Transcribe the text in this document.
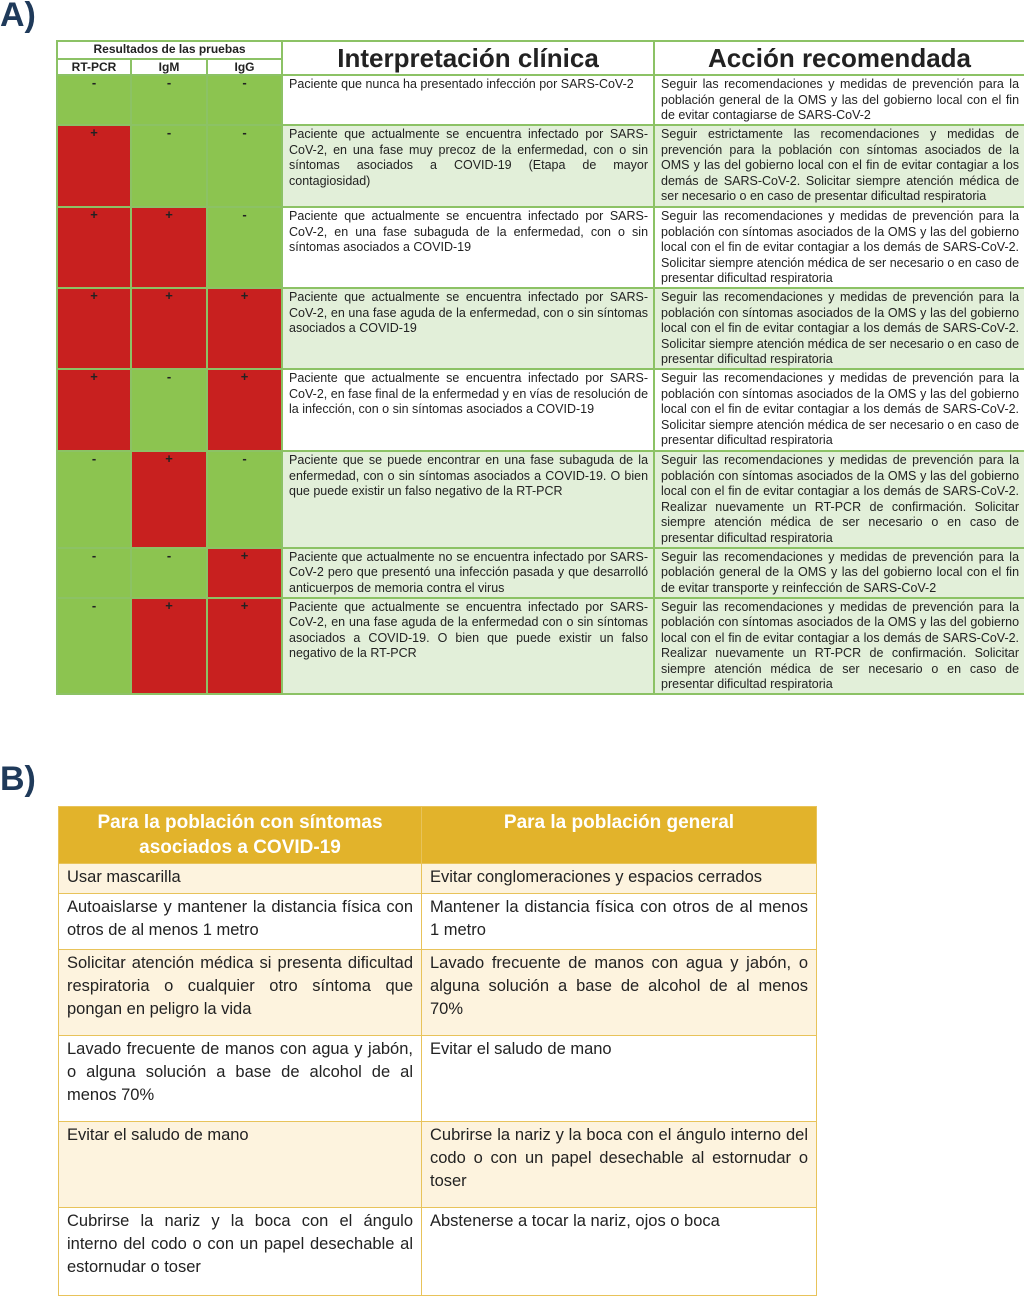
A)
Resultados de las pruebas			Interpretación clínica	Acción recomendada
RT-PCR	IgM	IgG		
-	-	-	Paciente que nunca ha presentado infección por SARS-CoV-2	Seguir las recomendaciones y medidas de prevención para la población general de la OMS y las del gobierno local con el fin de evitar contagiarse de SARS-CoV-2
+	-	-	Paciente que actualmente se encuentra infectado por SARS-CoV-2, en una fase muy precoz de la enfermedad, con o sin síntomas asociados a COVID-19 (Etapa de mayor contagiosidad)	Seguir estrictamente las recomendaciones y medidas de prevención para la población con síntomas asociados de la OMS y las del gobierno local con el fin de evitar contagiar a los demás de SARS-CoV-2. Solicitar siempre atención médica de ser necesario o en caso de presentar dificultad respiratoria
+	+	-	Paciente que actualmente se encuentra infectado por SARS-CoV-2, en una fase subaguda de la enfermedad, con o sin síntomas asociados a COVID-19	Seguir las recomendaciones y medidas de prevención para la población con síntomas asociados de la OMS y las del gobierno local con el fin de evitar contagiar a los demás de SARS-CoV-2. Solicitar siempre atención médica de ser necesario o en caso de presentar dificultad respiratoria
+	+	+	Paciente que actualmente se encuentra infectado por SARS-CoV-2, en una fase aguda de la enfermedad, con o sin síntomas asociados a COVID-19	Seguir las recomendaciones y medidas de prevención para la población con síntomas asociados de la OMS y las del gobierno local con el fin de evitar contagiar a los demás de SARS-CoV-2. Solicitar siempre atención médica de ser necesario o en caso de presentar dificultad respiratoria
+	-	+	Paciente que actualmente se encuentra infectado por SARS-CoV-2, en fase final de la enfermedad y en vías de resolución de la infección, con o sin síntomas asociados a COVID-19	Seguir las recomendaciones y medidas de prevención para la población con síntomas asociados de la OMS y las del gobierno local con el fin de evitar contagiar a los demás de SARS-CoV-2. Solicitar siempre atención médica de ser necesario o en caso de presentar dificultad respiratoria
-	+	-	Paciente que se puede encontrar en una fase subaguda de la enfermedad, con o sin síntomas asociados a COVID-19. O bien que puede existir un falso negativo de la RT-PCR	Seguir las recomendaciones y medidas de prevención para la población con síntomas asociados de la OMS y las del gobierno local con el fin de evitar contagiar a los demás de SARS-CoV-2. Realizar nuevamente un RT-PCR de confirmación. Solicitar siempre atención médica de ser necesario o en caso de presentar dificultad respiratoria
-	-	+	Paciente que actualmente no se encuentra infectado por SARS-CoV-2 pero que presentó una infección pasada y que desarrolló anticuerpos de memoria contra el virus	Seguir las recomendaciones y medidas de prevención para la población general de la OMS y las del gobierno local con el fin de evitar transporte y reinfección de SARS-CoV-2
-	+	+	Paciente que actualmente se encuentra infectado por SARS-CoV-2, en una fase aguda de la enfermedad con o sin síntomas asociados a COVID-19. O bien que puede existir un falso negativo de la RT-PCR	Seguir las recomendaciones y medidas de prevención para la población con síntomas asociados de la OMS y las del gobierno local con el fin de evitar contagiar a los demás de SARS-CoV-2. Realizar nuevamente un RT-PCR de confirmación. Solicitar siempre atención médica de ser necesario o en caso de presentar dificultad respiratoria
B)
Para la población con síntomas asociados a COVID-19	Para la población general
Usar mascarilla	Evitar conglomeraciones y espacios cerrados
Autoaislarse y mantener la distancia física con otros de al menos 1 metro	Mantener la distancia física con otros de al menos 1 metro
Solicitar atención médica si presenta dificultad respiratoria o cualquier otro síntoma que pongan en peligro la vida	Lavado frecuente de manos con agua y jabón, o alguna solución a base de alcohol de al menos 70%
Lavado frecuente de manos con agua y jabón, o alguna solución a base de alcohol de al menos 70%	Evitar el saludo de mano
Evitar el saludo de mano	Cubrirse la nariz y la boca con el ángulo interno del codo o con un papel desechable al estornudar o toser
Cubrirse la nariz y la boca con el ángulo interno del codo o con un papel desechable al estornudar o toser	Abstenerse a tocar la nariz, ojos o boca
